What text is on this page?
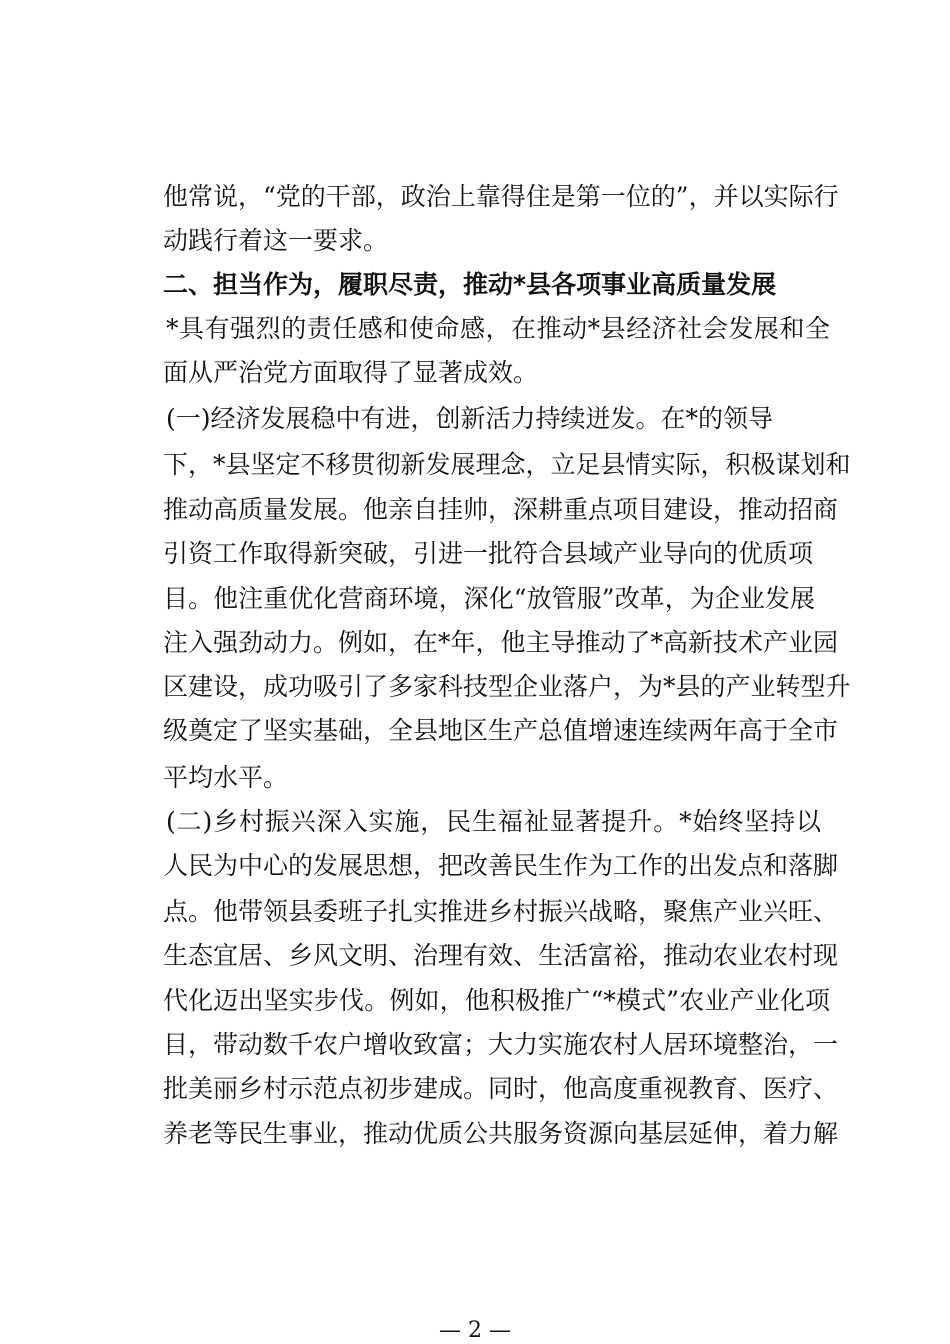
他常说，“党的干部，政治上靠得住是第一位的”，并以实际行
动践行着这一要求。
二、担当作为，履职尽责，推动*县各项事业高质量发展
*具有强烈的责任感和使命感，在推动*县经济社会发展和全
面从严治党方面取得了显著成效。
(一)经济发展稳中有进，创新活力持续迸发。在*的领导
下，*县坚定不移贯彻新发展理念，立足县情实际，积极谋划和
推动高质量发展。他亲自挂帅，深耕重点项目建设，推动招商
引资工作取得新突破，引进一批符合县域产业导向的优质项
目。他注重优化营商环境，深化“放管服”改革，为企业发展
注入强劲动力。例如，在*年，他主导推动了*高新技术产业园
区建设，成功吸引了多家科技型企业落户，为*县的产业转型升
级奠定了坚实基础，全县地区生产总值增速连续两年高于全市
平均水平。
(二)乡村振兴深入实施，民生福祉显著提升。*始终坚持以
人民为中心的发展思想，把改善民生作为工作的出发点和落脚
点。他带领县委班子扎实推进乡村振兴战略，聚焦产业兴旺、
生态宜居、乡风文明、治理有效、生活富裕，推动农业农村现
代化迈出坚实步伐。例如，他积极推广“*模式”农业产业化项
目，带动数千农户增收致富；大力实施农村人居环境整治，一
批美丽乡村示范点初步建成。同时，他高度重视教育、医疗、
养老等民生事业，推动优质公共服务资源向基层延伸，着力解
— 2 —
